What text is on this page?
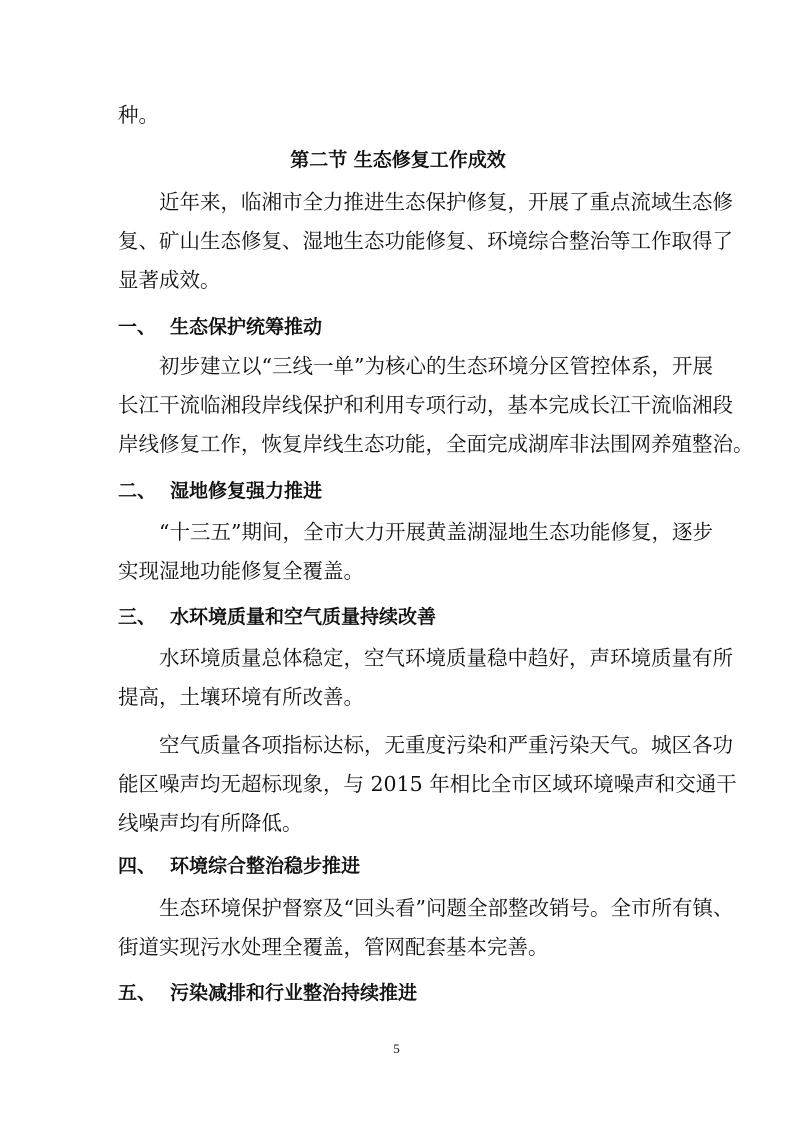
种。
第二节 生态修复工作成效
近年来，临湘市全力推进生态保护修复，开展了重点流域生态修
复、矿山生态修复、湿地生态功能修复、环境综合整治等工作取得了
显著成效。
一、 生态保护统筹推动
初步建立以“三线一单”为核心的生态环境分区管控体系，开展
长江干流临湘段岸线保护和利用专项行动，基本完成长江干流临湘段
岸线修复工作，恢复岸线生态功能，全面完成湖库非法围网养殖整治。
二、 湿地修复强力推进
“十三五”期间，全市大力开展黄盖湖湿地生态功能修复，逐步
实现湿地功能修复全覆盖。
三、 水环境质量和空气质量持续改善
水环境质量总体稳定，空气环境质量稳中趋好，声环境质量有所
提高，土壤环境有所改善。
空气质量各项指标达标，无重度污染和严重污染天气。城区各功
能区噪声均无超标现象，与 2015 年相比全市区域环境噪声和交通干
线噪声均有所降低。
四、 环境综合整治稳步推进
生态环境保护督察及“回头看”问题全部整改销号。全市所有镇、
街道实现污水处理全覆盖，管网配套基本完善。
五、 污染减排和行业整治持续推进
5
